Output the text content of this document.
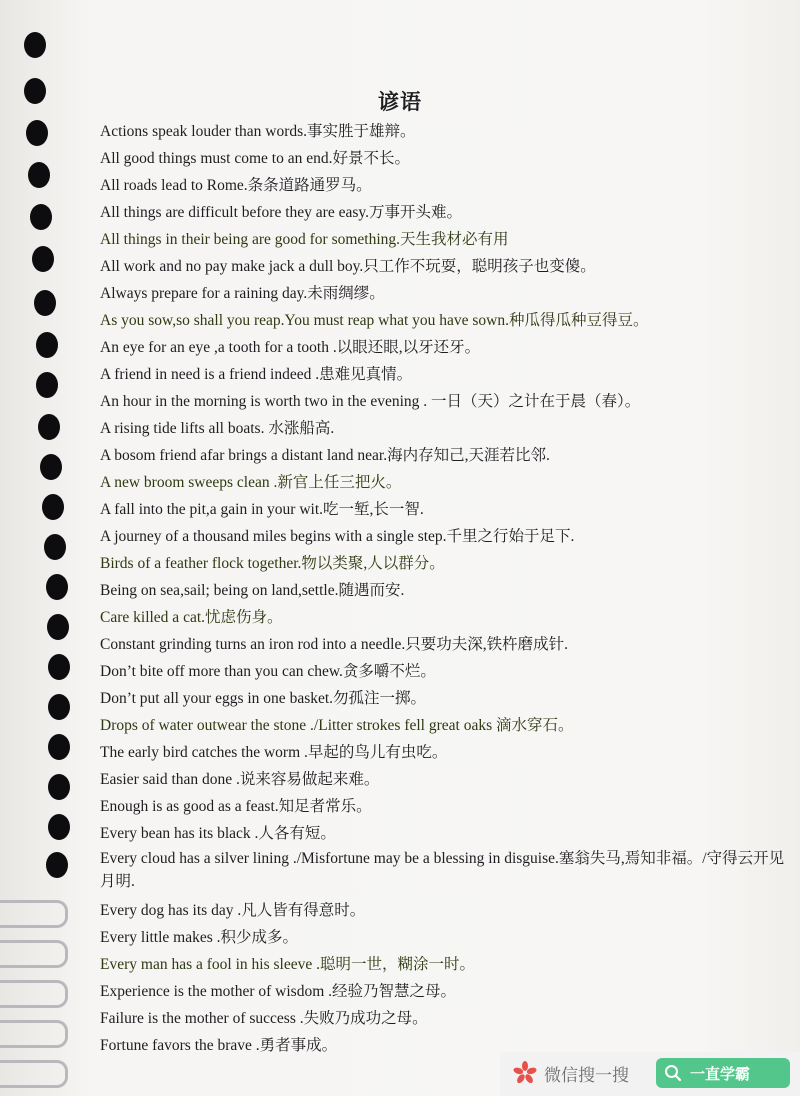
谚语
Actions speak louder than words.事实胜于雄辩。
All good things must come to an end.好景不长。
All roads lead to Rome.条条道路通罗马。
All things are difficult before they are easy.万事开头难。
All things in their being are good for something.天生我材必有用
All work and no pay make jack a dull boy.只工作不玩耍，聪明孩子也变傻。
Always prepare for a raining day.未雨绸缪。
As you sow,so shall you reap.You must reap what you have sown.种瓜得瓜种豆得豆。
An eye for an eye ,a tooth for a tooth .以眼还眼,以牙还牙。
A friend in need is a friend indeed .患难见真情。
An hour in the morning is worth two in the evening . 一日（天）之计在于晨（春）。
A rising tide lifts all boats. 水涨船高.
A bosom friend afar brings a distant land near.海内存知己,天涯若比邻.
A new broom sweeps clean .新官上任三把火。
A fall into the pit,a gain in your wit.吃一堑,长一智.
A journey of a thousand miles begins with a single step.千里之行始于足下.
Birds of a feather flock together.物以类聚,人以群分。
Being on sea,sail; being on land,settle.随遇而安.
Care killed a cat.忧虑伤身。
Constant grinding turns an iron rod into a needle.只要功夫深,铁杵磨成针.
Don’t bite off more than you can chew.贪多嚼不烂。
Don’t put all your eggs in one basket.勿孤注一掷。
Drops of water outwear the stone ./Litter strokes fell great oaks 滴水穿石。
The early bird catches the worm .早起的鸟儿有虫吃。
Easier said than done .说来容易做起来难。
Enough is as good as a feast.知足者常乐。
Every bean has its black .人各有短。
Every cloud has a silver lining ./Misfortune may be a blessing in disguise.塞翁失马,焉知非福。/守得云开见月明.
Every dog has its day .凡人皆有得意时。
Every little makes .积少成多。
Every man has a fool in his sleeve .聪明一世，糊涂一时。
Experience is the mother of wisdom .经验乃智慧之母。
Failure is the mother of success .失败乃成功之母。
Fortune favors the brave .勇者事成。
微信搜一搜	一直学霸
